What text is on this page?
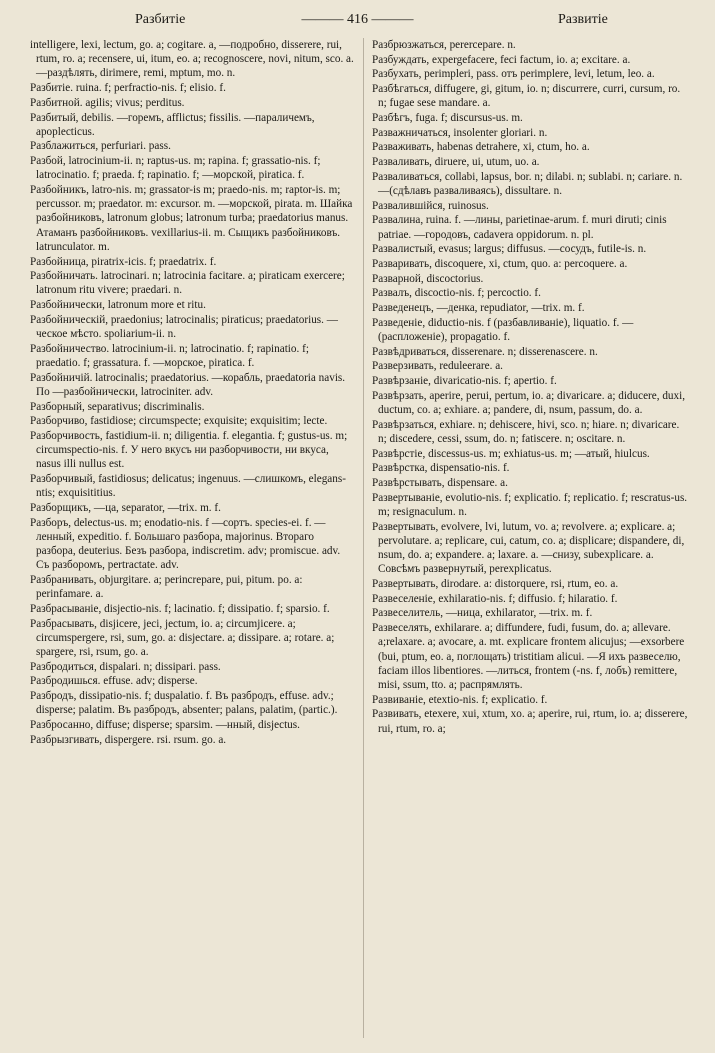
Разбитіе	——— 416 ———	Развитіе

intelligere, lexi, lectum, go. a; cogitare. a, —подробно, disserere, rui, rtum, ro. a; recensere, ui, itum, eo. a; recognoscere, novi, nitum, sco. a. —раздѣлять, dirimere, remi, mptum, mo. n.

Разбитіе. ruina. f; perfractio-nis. f; elisio. f.

Разбитной. agilis; vivus; perditus.

Разбитый, debilis. —горемъ, afflictus; fissilis. —параличемъ, apoplecticus.

Разблажиться, perfuriari. pass.

Разбой, latrocinium-ii. n; raptus-us. m; rapina. f; grassatio-nis. f; latrocinatio. f; praeda. f; rapinatio. f; —морской, piratica. f.

Разбойникъ, latro-nis. m; grassator-is m; praedo-nis. m; raptor-is. m; percussor. m; praedator. m: excursor. m. —морской, pirata. m. Шайка разбойниковъ, latronum globus; latronum turba; praedatorius manus. Атаманъ разбойниковъ. vexillarius-ii. m. Сыщикъ разбойниковъ. latrunculator. m.

Разбойница, piratrix-icis. f; praedatrix. f.

Разбойничать. latrocinari. n; latrocinia facitare. a; piraticam exercere; latronum ritu vivere; praedari. n.

Разбойнически, latronum more et ritu.

Разбойническій, praedonius; latrocinalis; piraticus; praedatorius. —ческое мѣсто. spoliarium-ii. n.

Разбойничество. latrocinium-ii. n; latrocinatio. f; rapinatio. f; praedatio. f; grassatura. f. —морское, piratica. f.

Разбойничій. latrocinalis; praedatorius. —корабль, praedatoria navis. По —разбойнически, latrociniter. adv.

Разборный, separativus; discriminalis.

Разборчиво, fastidiose; circumspecte; exquisite; exquisitim; lecte.

Разборчивость, fastidium-ii. n; diligentia. f. elegantia. f; gustus-us. m; circumspectio-nis. f. У него вкусъ ни разборчивости, ни вкуса, nasus illi nullus est.

Разборчивый, fastidiosus; delicatus; ingenuus. —слишкомъ, elegans-ntis; exquisititius.

Разборщикъ, —ца, separator, —trix. m. f.

Разборъ, delectus-us. m; enodatio-nis. f —сортъ. species-ei. f. —ленный, expeditio. f. Большаго разбора, majorinus. Втораго разбора, deuterius. Безъ разбора, indiscretim. adv; promiscue. adv. Съ разборомъ, pertractate. adv.

Разбранивать, objurgitare. a; perincrepare, pui, pitum. po. a: perinfamare. a.

Разбрасываніе, disjectio-nis. f; lacinatio. f; dissipatio. f; sparsio. f.

Разбрасывать, disjicere, jeci, jectum, io. a; circumjicere. a; circumspergere, rsi, sum, go. a: disjectare. a; dissipare. a; rotare. a; spargere, rsi, rsum, go. a.

Разбродиться, dispalari. n; dissipari. pass.

Разбродишься. effuse. adv; disperse.

Разбродъ, dissipatio-nis. f; duspalatio. f. Въ разбродъ, effuse. adv.; disperse; palatim. Въ разбродъ, absenter; palans, palatim, (partic.).

Разбросанно, diffuse; disperse; sparsim. —нный, disjectus.

Разбрызгивать, dispergere. rsi. rsum. go. a.

Разбрюзжаться, perercepare. n.

Разбуждать, expergefacere, feci factum, io. a; excitare. a.

Разбухать, perimpleri, pass. отъ perimplere, levi, letum, leo. a.

Разбѣгаться, diffugere, gi, gitum, io. n; discurrere, curri, cursum, ro. n; fugae sese mandare. a.

Разбѣгъ, fuga. f; discursus-us. m.

Разважничаться, insolenter gloriari. n.

Разваживать, habenas detrahere, xi, ctum, ho. a.

Разваливать, diruere, ui, utum, uo. a.

Разваливаться, collabi, lapsus, bor. n; dilabi. n; sublabi. n; cariare. n. —(сдѣлавъ разваливаясь), dissultare. n.

Развалившійся, ruinosus.

Развалина, ruina. f. —лины, parietinae-arum. f. muri diruti; cinis patriae. —городовъ, cadavera oppidorum. n. pl.

Развалистый, evasus; largus; diffusus. —сосудъ, futile-is. n.

Разваривать, discoquere, xi, ctum, quo. a: percoquere. a.

Разварной, discoctorius.

Развалъ, discoctio-nis. f; percoctio. f.

Разведенецъ, —денка, repudiator, —trix. m. f.

Разведеніе, diductio-nis. f (разбавливаніе), liquatio. f. —(распложеніе), propagatio. f.

Развѣдриваться, disserenare. n; disserenascere. n.

Разверзивать, reduleerare. a.

Развѣрзаніе, divaricatio-nis. f; apertio. f.

Развѣрзать, aperire, perui, pertum, io. a; divaricare. a; diducere, duxi, ductum, co. a; exhiare. a; pandere, di, nsum, passum, do. a.

Развѣрзаться, exhiare. n; dehiscere, hivi, sco. n; hiare. n; divaricare. n; discedere, cessi, ssum, do. n; fatiscere. n; oscitare. n.

Развѣрстіе, discessus-us. m; exhiatus-us. m; —атый, hiulcus.

Развѣрстка, dispensatio-nis. f.

Развѣрстывать, dispensare. a.

Развертываніе, evolutio-nis. f; explicatio. f; replicatio. f; rescratus-us. m; resignaculum. n.

Развертывать, evolvere, lvi, lutum, vo. a; revolvere. a; explicare. a; pervolutare. a; replicare, cui, catum, co. a; displicare; dispandere, di, nsum, do. a; expandere. a; laxare. a. —снизу, subexplicare. a. Совсѣмъ развернутый, perexplicatus.

Развертывать, dirodare. a: distorquere, rsi, rtum, eo. a.

Развеселеніе, exhilaratio-nis. f; diffusio. f; hilaratio. f.

Развеселитель, —ница, exhilarator, —trix. m. f.

Развеселять, exhilarare. a; diffundere, fudi, fusum, do. a; allevare. a;relaxare. a; avocare, a. mt. explicare frontem alicujus; —exsorbere (bui, ptum, eo. a, поглощать) tristitiam alicui. —Я ихъ развеселю, faciam illos libentiores. —литься, frontem (-ns. f, лобъ) remittere, misi, ssum, tto. a; распрямлять.

Развиваніе, etextio-nis. f; explicatio. f.

Развивать, etexere, xui, xtum, xo. a; aperire, rui, rtum, io. a; disserere, rui, rtum, ro. a;
